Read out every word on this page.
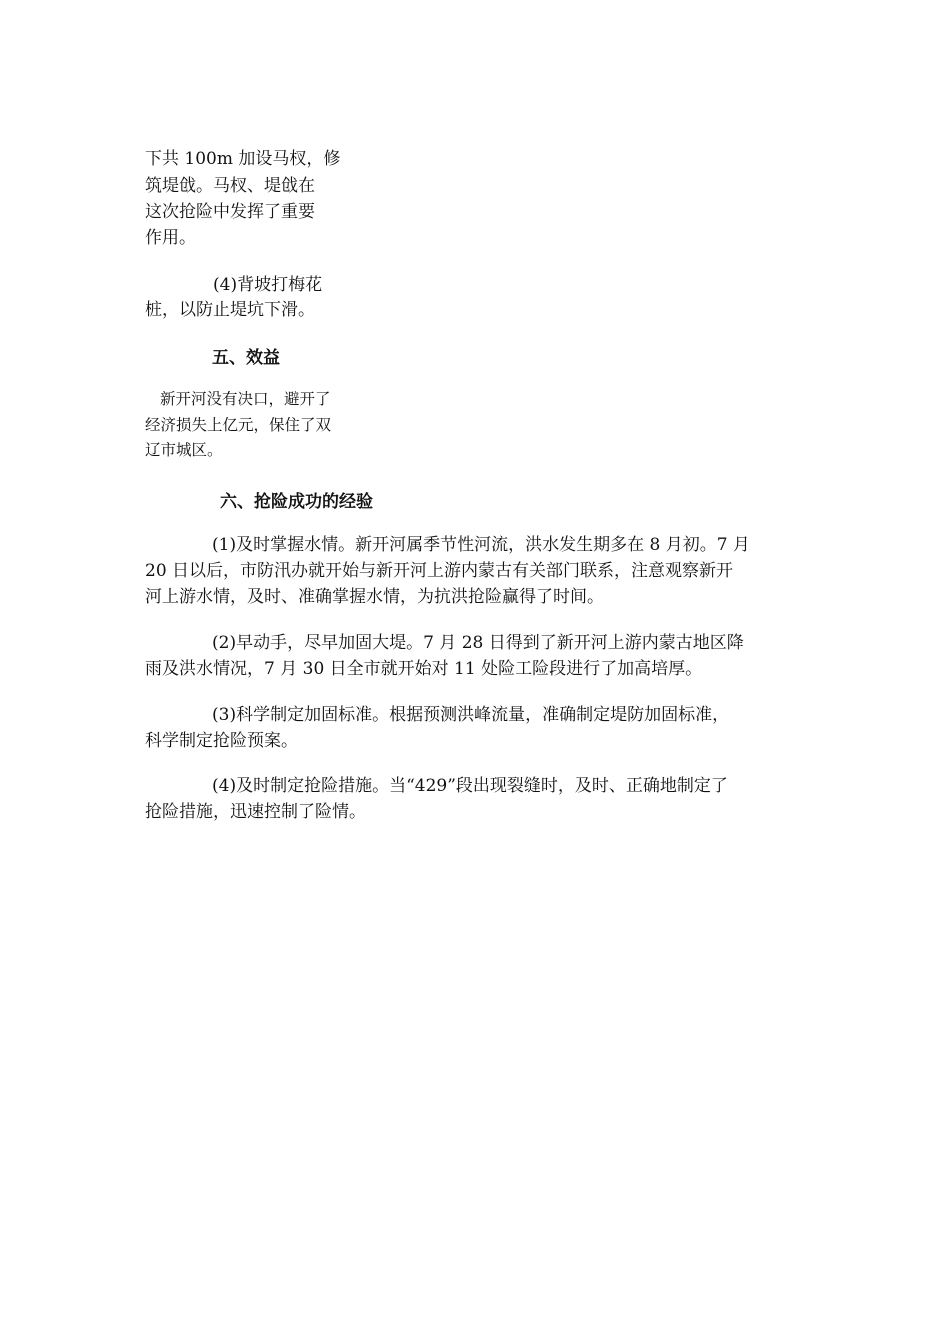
下共 100m 加设马杈，修
筑堤戗。马杈、堤戗在
这次抢险中发挥了重要
作用。
(4)背坡打梅花
桩，以防止堤坑下滑。
五、效益
新开河没有决口，避开了
经济损失上亿元，保住了双
辽市城区。
六、抢险成功的经验
(1)及时掌握水情。新开河属季节性河流，洪水发生期多在 8 月初。7 月
20 日以后，市防汛办就开始与新开河上游内蒙古有关部门联系，注意观察新开
河上游水情，及时、准确掌握水情，为抗洪抢险赢得了时间。
(2)早动手，尽早加固大堤。7 月 28 日得到了新开河上游内蒙古地区降
雨及洪水情况，7 月 30 日全市就开始对 11 处险工险段进行了加高培厚。
(3)科学制定加固标准。根据预测洪峰流量，准确制定堤防加固标准，
科学制定抢险预案。
(4)及时制定抢险措施。当“429”段出现裂缝时，及时、正确地制定了
抢险措施，迅速控制了险情。
